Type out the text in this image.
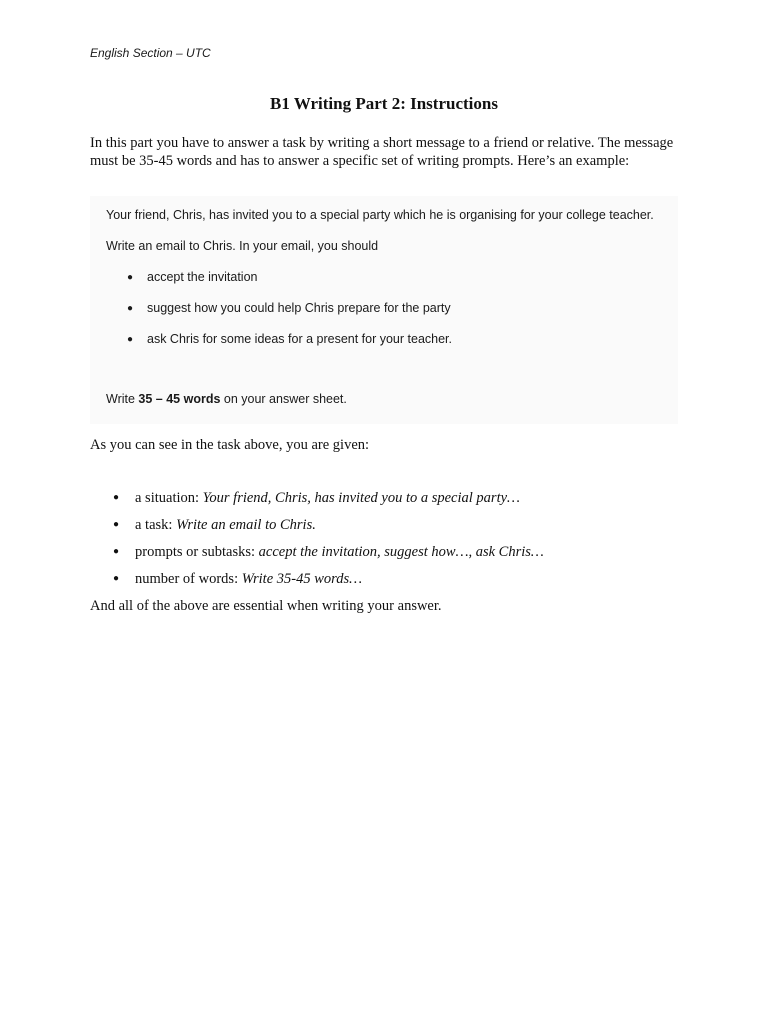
English Section – UTC
B1 Writing Part 2: Instructions

In this part you have to answer a task by writing a short message to a friend or relative. The message must be 35-45 words and has to answer a specific set of writing prompts. Here’s an example:

Your friend, Chris, has invited you to a special party which he is organising for your college teacher.

Write an email to Chris. In your email, you should

● accept the invitation
● suggest how you could help Chris prepare for the party
● ask Chris for some ideas for a present for your teacher.

Write 35 – 45 words on your answer sheet.

As you can see in the task above, you are given:

● a situation: Your friend, Chris, has invited you to a special party…
● a task: Write an email to Chris.
● prompts or subtasks: accept the invitation, suggest how…, ask Chris…
● number of words: Write 35-45 words…

And all of the above are essential when writing your answer.
